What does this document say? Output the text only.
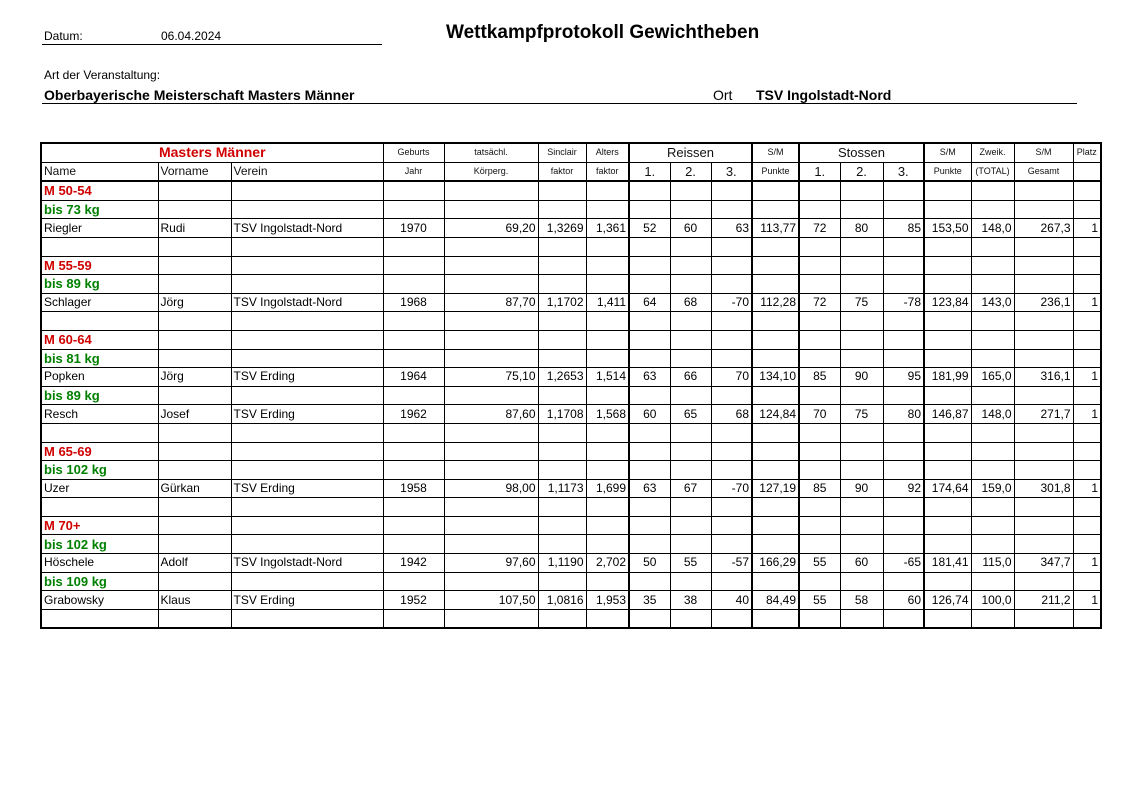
Datum:	06.04.2024	Wettkampfprotokoll Gewichtheben
Art der Veranstaltung:
Oberbayerische Meisterschaft Masters Männer	Ort TSV Ingolstadt-Nord
Masters Männer			Geburts	tatsächl.	Sinclair	Alters	Reissen			S/M	Stossen			S/M	Zweik.	S/M	Platz
Name	Vorname	Verein	Jahr	Körperg.	faktor	faktor	1.	2.	3.	Punkte	1.	2.	3.	Punkte	(TOTAL)	Gesamt	
M 50-54																	
bis 73 kg																	
Riegler	Rudi	TSV Ingolstadt-Nord	1970	69,20	1,3269	1,361	52	60	63	113,77	72	80	85	153,50	148,0	267,3	1

M 55-59																	
bis 89 kg																	
Schlager	Jörg	TSV Ingolstadt-Nord	1968	87,70	1,1702	1,411	64	68	-70	112,28	72	75	-78	123,84	143,0	236,1	1

M 60-64																	
bis 81 kg																	
Popken	Jörg	TSV Erding	1964	75,10	1,2653	1,514	63	66	70	134,10	85	90	95	181,99	165,0	316,1	1
bis 89 kg																	
Resch	Josef	TSV Erding	1962	87,60	1,1708	1,568	60	65	68	124,84	70	75	80	146,87	148,0	271,7	1

M 65-69																	
bis 102 kg																	
Uzer	Gürkan	TSV Erding	1958	98,00	1,1173	1,699	63	67	-70	127,19	85	90	92	174,64	159,0	301,8	1

M 70+																	
bis 102 kg																	
Höschele	Adolf	TSV Ingolstadt-Nord	1942	97,60	1,1190	2,702	50	55	-57	166,29	55	60	-65	181,41	115,0	347,7	1
bis 109 kg																	
Grabowsky	Klaus	TSV Erding	1952	107,50	1,0816	1,953	35	38	40	84,49	55	58	60	126,74	100,0	211,2	1
